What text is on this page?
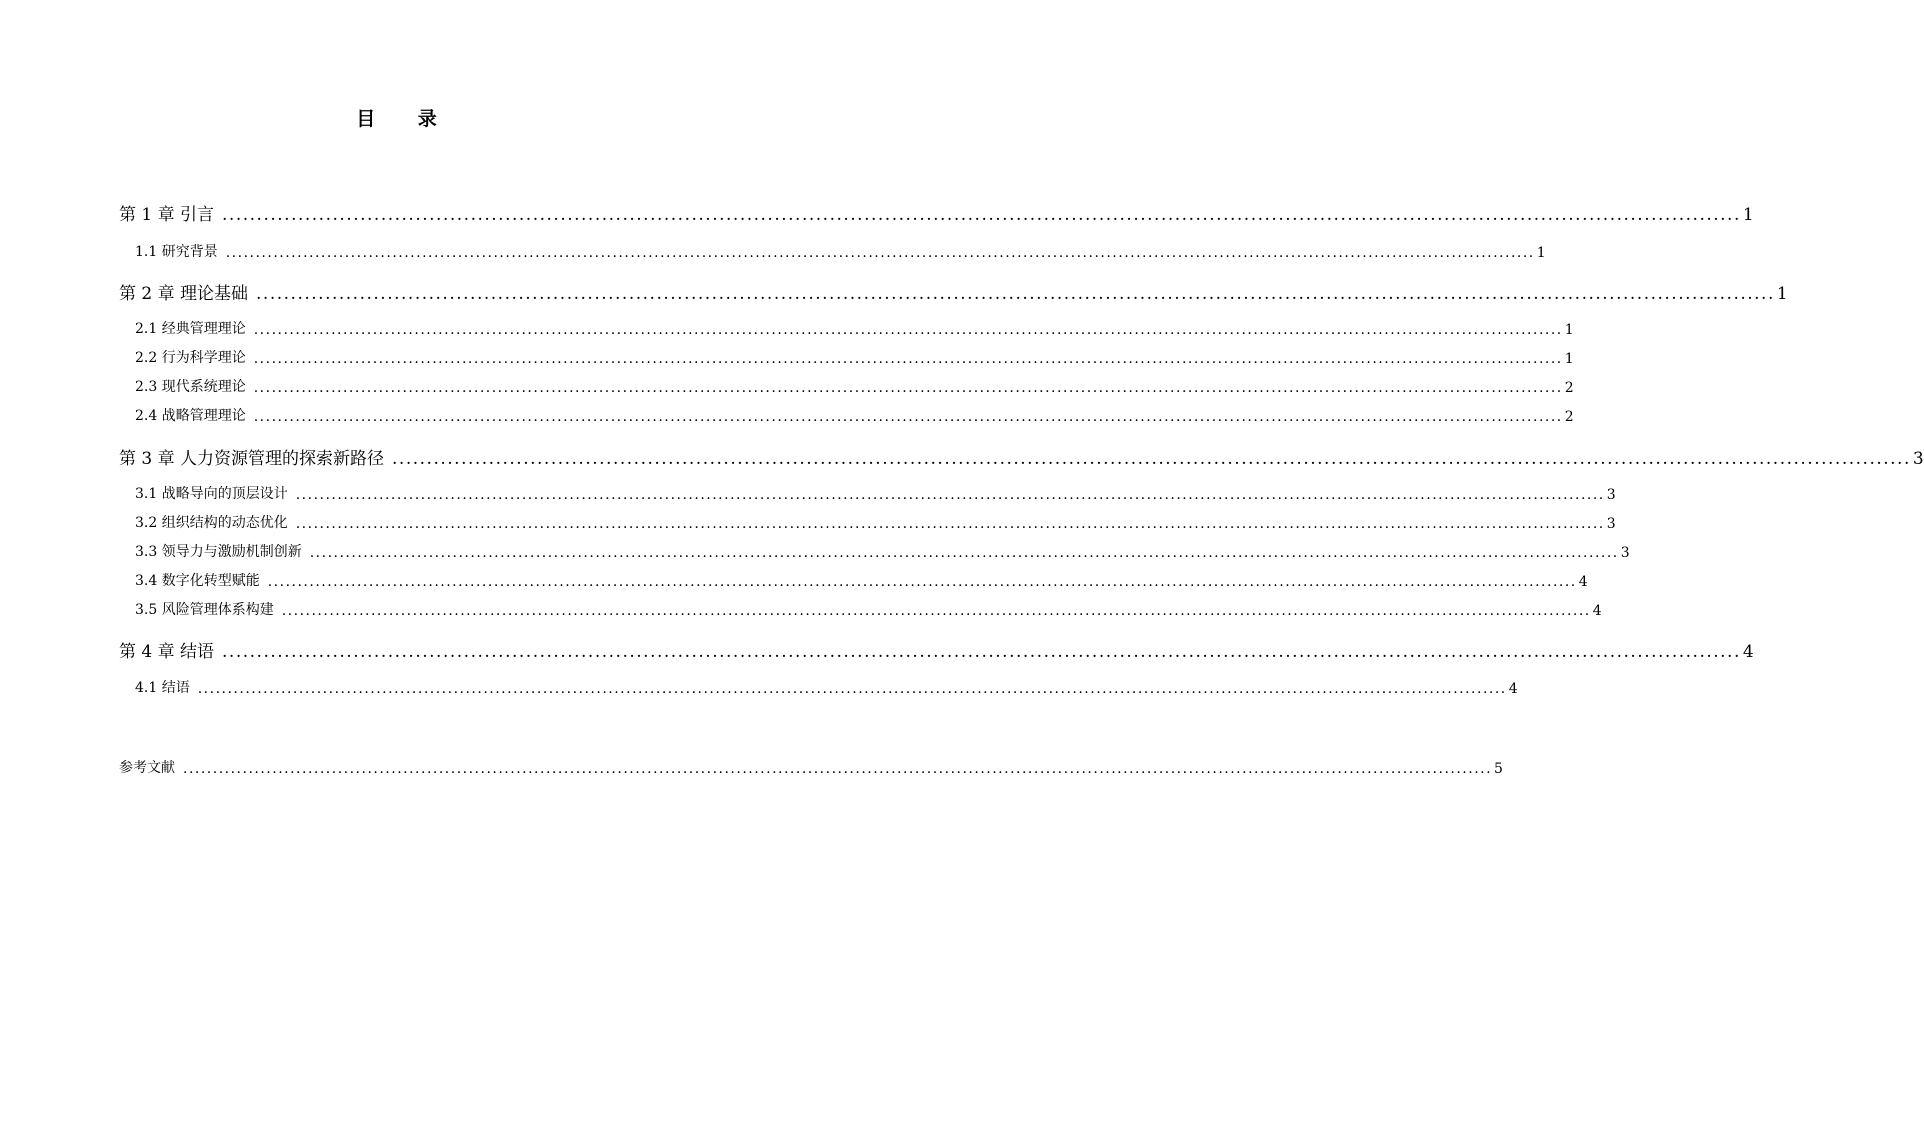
目 录
第 1 章 引言 ............................................................................................................................................................................................................................ 1
1.1 研究背景 ............................................................................................................................................................................................................................ 1
第 2 章 理论基础 ............................................................................................................................................................................................................................ 1
2.1 经典管理理论 ............................................................................................................................................................................................................................ 1
2.2 行为科学理论 ............................................................................................................................................................................................................................ 1
2.3 现代系统理论 ............................................................................................................................................................................................................................ 2
2.4 战略管理理论 ............................................................................................................................................................................................................................ 2
第 3 章 人力资源管理的探索新路径 ............................................................................................................................................................................................................................ 3
3.1 战略导向的顶层设计 ............................................................................................................................................................................................................................ 3
3.2 组织结构的动态优化 ............................................................................................................................................................................................................................ 3
3.3 领导力与激励机制创新 ............................................................................................................................................................................................................................ 3
3.4 数字化转型赋能 ............................................................................................................................................................................................................................ 4
3.5 风险管理体系构建 ............................................................................................................................................................................................................................ 4
第 4 章 结语 ............................................................................................................................................................................................................................ 4
4.1 结语 ............................................................................................................................................................................................................................ 4
参考文献 ............................................................................................................................................................................................................................ 5
